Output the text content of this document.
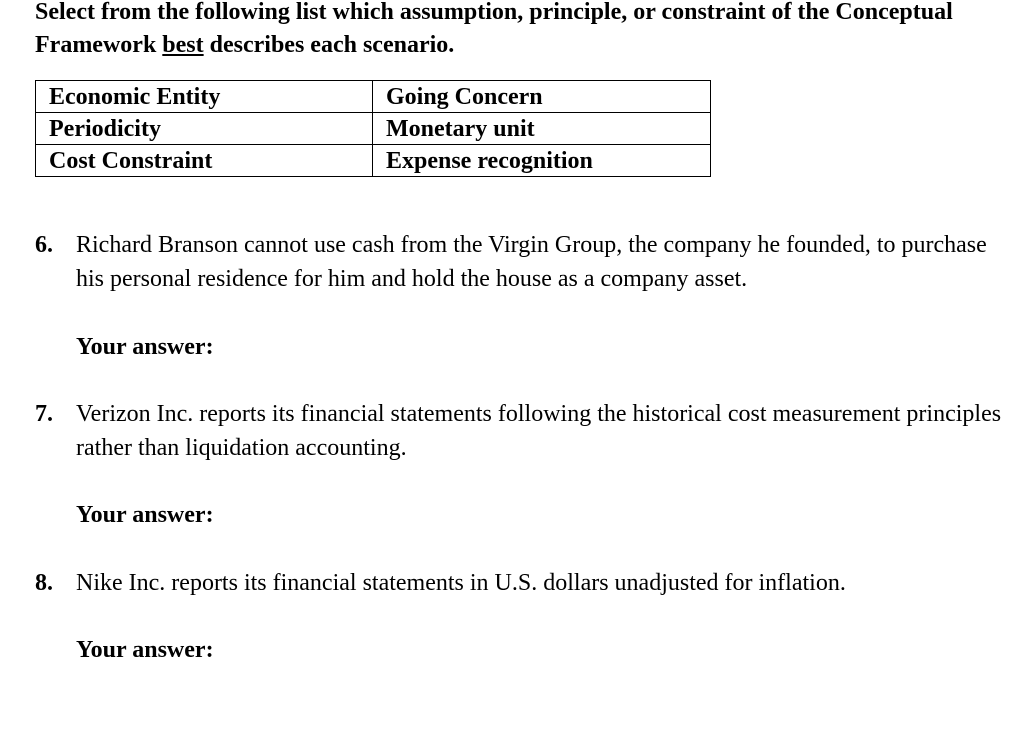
Select from the following list which assumption, principle, or constraint of the Conceptual Framework best describes each scenario.

Economic Entity	Going Concern
Periodicity	Monetary unit
Cost Constraint	Expense recognition
6. Richard Branson cannot use cash from the Virgin Group, the company he founded, to purchase his personal residence for him and hold the house as a company asset.
Your answer:
7. Verizon Inc. reports its financial statements following the historical cost measurement principles rather than liquidation accounting.
Your answer:
8. Nike Inc. reports its financial statements in U.S. dollars unadjusted for inflation.
Your answer:
